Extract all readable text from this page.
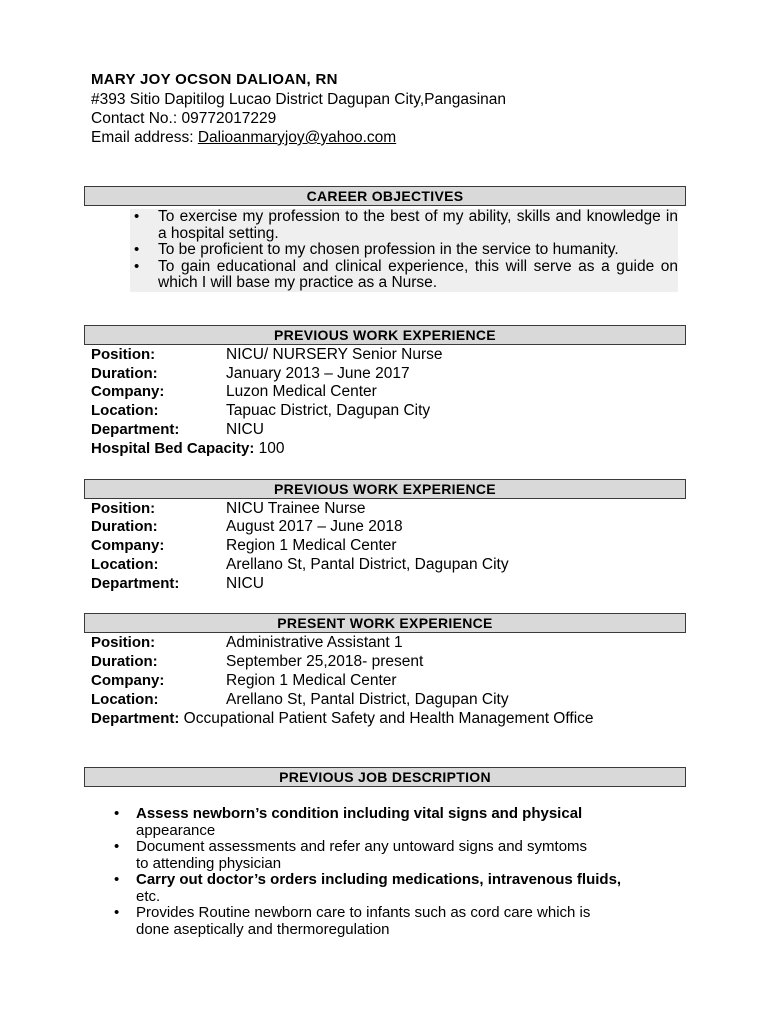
MARY JOY OCSON DALIOAN, RN
#393 Sitio Dapitilog Lucao District Dagupan City,Pangasinan
Contact No.: 09772017229
Email address: Dalioanmaryjoy@yahoo.com
CAREER OBJECTIVES
• To exercise my profession to the best of my ability, skills and knowledge in a hospital setting.
• To be proficient to my chosen profession in the service to humanity.
• To gain educational and clinical experience, this will serve as a guide on which I will base my practice as a Nurse.
PREVIOUS WORK EXPERIENCE
Position:	NICU/ NURSERY Senior Nurse
Duration:	January 2013 – June 2017
Company:	Luzon Medical Center
Location:	Tapuac District, Dagupan City
Department:	NICU
Hospital Bed Capacity: 100
PREVIOUS WORK EXPERIENCE
Position:	NICU Trainee Nurse
Duration:	August 2017 – June 2018
Company:	Region 1 Medical Center
Location:	Arellano St, Pantal District, Dagupan City
Department:	NICU
PRESENT WORK EXPERIENCE
Position:	Administrative Assistant 1
Duration:	September 25,2018- present
Company:	Region 1 Medical Center
Location:	Arellano St, Pantal District, Dagupan City
Department: Occupational Patient Safety and Health Management Office
PREVIOUS JOB DESCRIPTION
• Assess newborn’s condition including vital signs and physical
appearance
• Document assessments and refer any untoward signs and symtoms
to attending physician
• Carry out doctor’s orders including medications, intravenous fluids,
etc.
• Provides Routine newborn care to infants such as cord care which is
done aseptically and thermoregulation
